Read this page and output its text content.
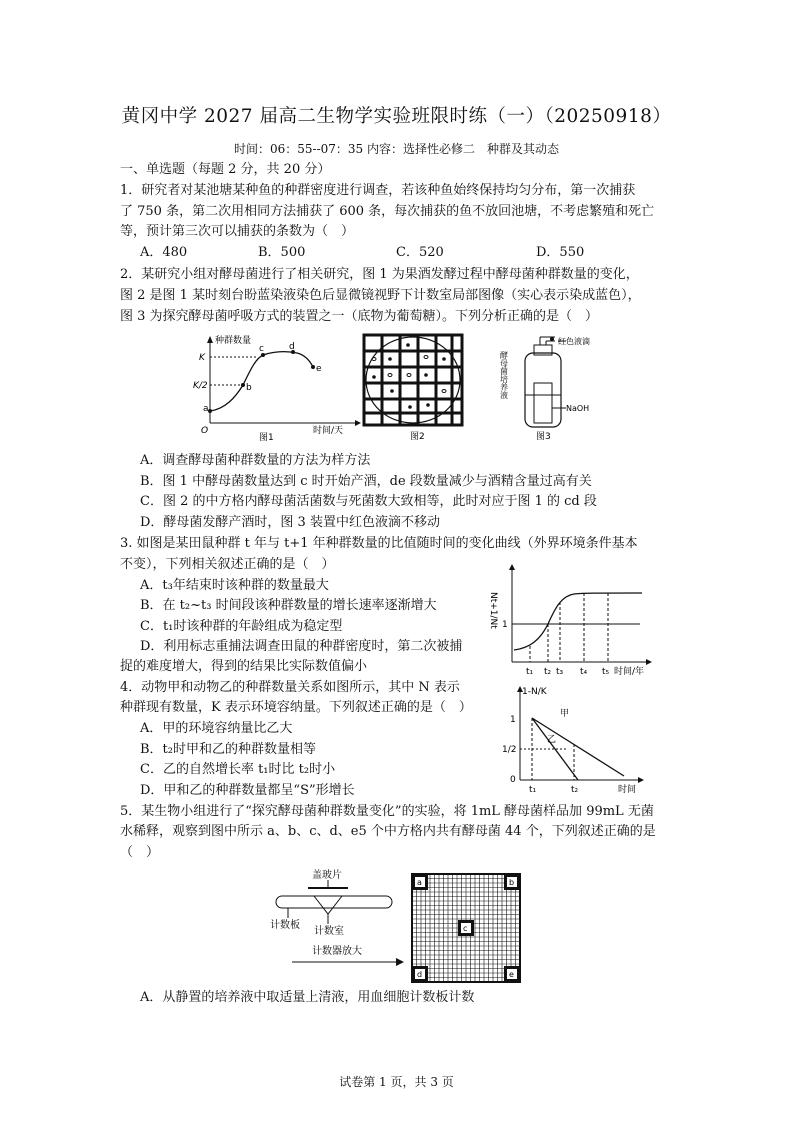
黄冈中学 2027 届高二生物学实验班限时练（一）（20250918）
时间：06：55--07：35 内容：选择性必修二　种群及其动态
一、单选题（每题 2 分，共 20 分）
1．研究者对某池塘某种鱼的种群密度进行调查，若该种鱼始终保持均匀分布，第一次捕获
了 750 条，第二次用相同方法捕获了 600 条，每次捕获的鱼不放回池塘，不考虑繁殖和死亡
等，预计第三次可以捕获的条数为（　）
A．480	B．500	C．520	D．550
2．某研究小组对酵母菌进行了相关研究，图 1 为果酒发酵过程中酵母菌种群数量的变化，
图 2 是图 1 某时刻台盼蓝染液染色后显微镜视野下计数室局部图像（实心表示染成蓝色），
图 3 为探究酵母菌呼吸方式的装置之一（底物为葡萄糖）。下列分析正确的是（　）
种群数量
K
K/2
O
a
b
c	d
e
时间/天
图1	图2
酵母菌培养液
红色液滴
NaOH
图3
A．调查酵母菌种群数量的方法为样方法
B．图 1 中酵母菌数量达到 c 时开始产酒，de 段数量减少与酒精含量过高有关
C．图 2 的中方格内酵母菌活菌数与死菌数大致相等，此时对应于图 1 的 cd 段
D．酵母菌发酵产酒时，图 3 装置中红色液滴不移动
3. 如图是某田鼠种群 t 年与 t+1 年种群数量的比值随时间的变化曲线（外界环境条件基本
不变），下列相关叙述正确的是（　）
A．t₃年结束时该种群的数量最大
B．在 t₂~t₃ 时间段该种群数量的增长速率逐渐增大
C．t₁时该种群的年龄组成为稳定型
D．利用标志重捕法调查田鼠的种群密度时，第二次被捕
捉的难度增大，得到的结果比实际数值偏小
Nt+1/Nt 1
t₁ t₂ t₃ t₄ t₅ 时间/年
4．动物甲和动物乙的种群数量关系如图所示，其中 N 表示
种群现有数量，K 表示环境容纳量。下列叙述正确的是（　）
A．甲的环境容纳量比乙大
B．t₂时甲和乙的种群数量相等
C．乙的自然增长率 t₁时比 t₂时小
D．甲和乙的种群数量都呈“S”形增长
1-N/K
1
1/2
0
甲
乙
t₁	t₂	时间
5．某生物小组进行了“探究酵母菌种群数量变化”的实验，将 1mL 酵母菌样品加 99mL 无菌
水稀释，观察到图中所示 a、b、c、d、e5 个中方格内共有酵母菌 44 个，下列叙述正确的是
（　）
盖玻片
计数板
计数室
计数器放大
a	b
c
d	e
A．从静置的培养液中取适量上清液，用血细胞计数板计数
试卷第 1 页，共 3 页
